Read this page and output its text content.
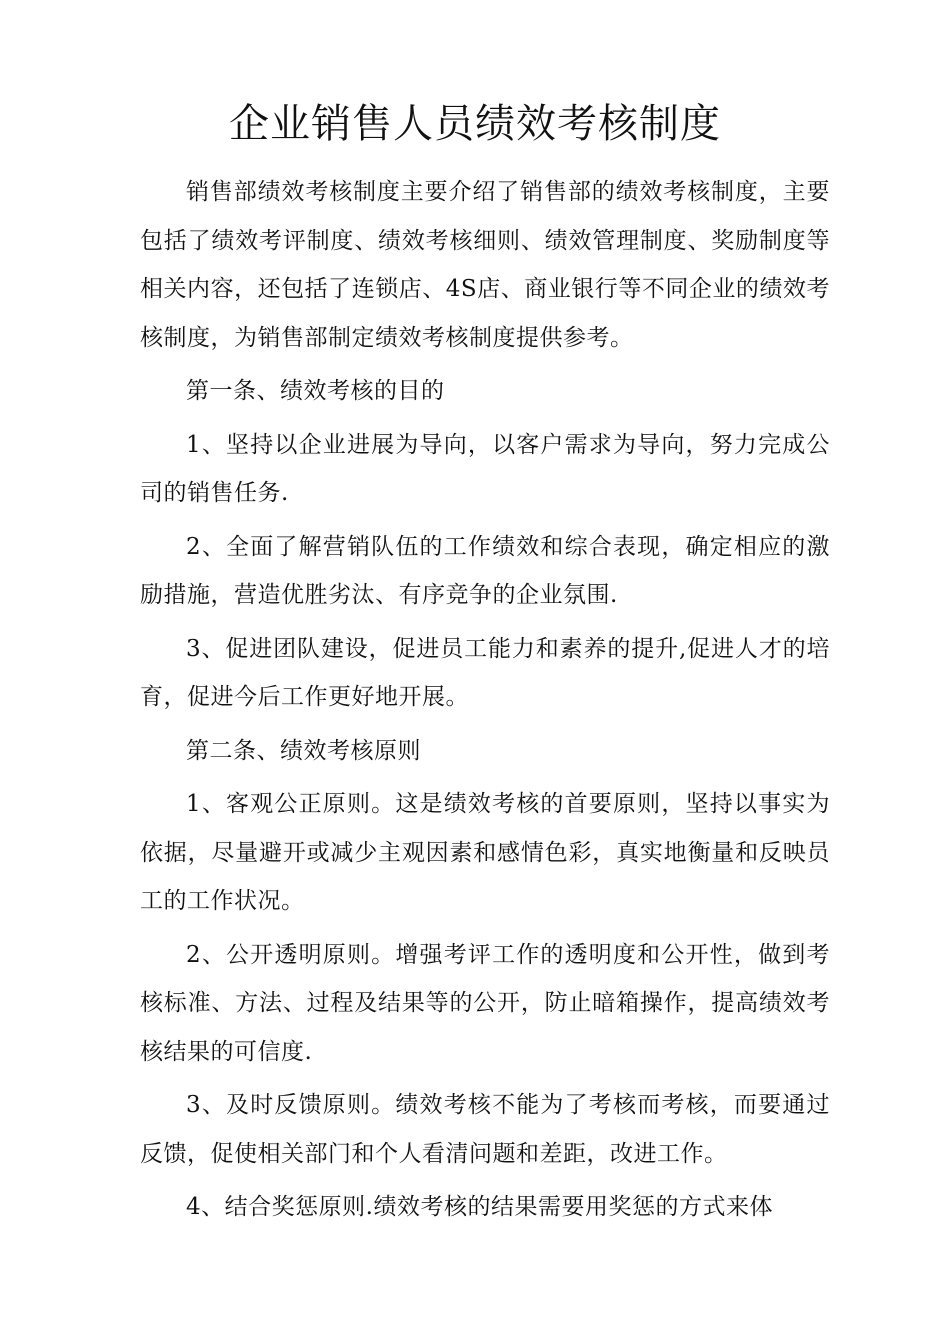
企业销售人员绩效考核制度

销售部绩效考核制度主要介绍了销售部的绩效考核制度，主要包括了绩效考评制度、绩效考核细则、绩效管理制度、奖励制度等相关内容，还包括了连锁店、4S店、商业银行等不同企业的绩效考核制度，为销售部制定绩效考核制度提供参考。

第一条、绩效考核的目的

1、坚持以企业进展为导向，以客户需求为导向，努力完成公司的销售任务.

2、全面了解营销队伍的工作绩效和综合表现，确定相应的激励措施，营造优胜劣汰、有序竞争的企业氛围.

3、促进团队建设，促进员工能力和素养的提升,促进人才的培育，促进今后工作更好地开展。

第二条、绩效考核原则

1、客观公正原则。这是绩效考核的首要原则，坚持以事实为依据，尽量避开或减少主观因素和感情色彩，真实地衡量和反映员工的工作状况。

2、公开透明原则。增强考评工作的透明度和公开性，做到考核标准、方法、过程及结果等的公开，防止暗箱操作，提高绩效考核结果的可信度.

3、及时反馈原则。绩效考核不能为了考核而考核，而要通过反馈，促使相关部门和个人看清问题和差距，改进工作。

4、结合奖惩原则.绩效考核的结果需要用奖惩的方式来体
